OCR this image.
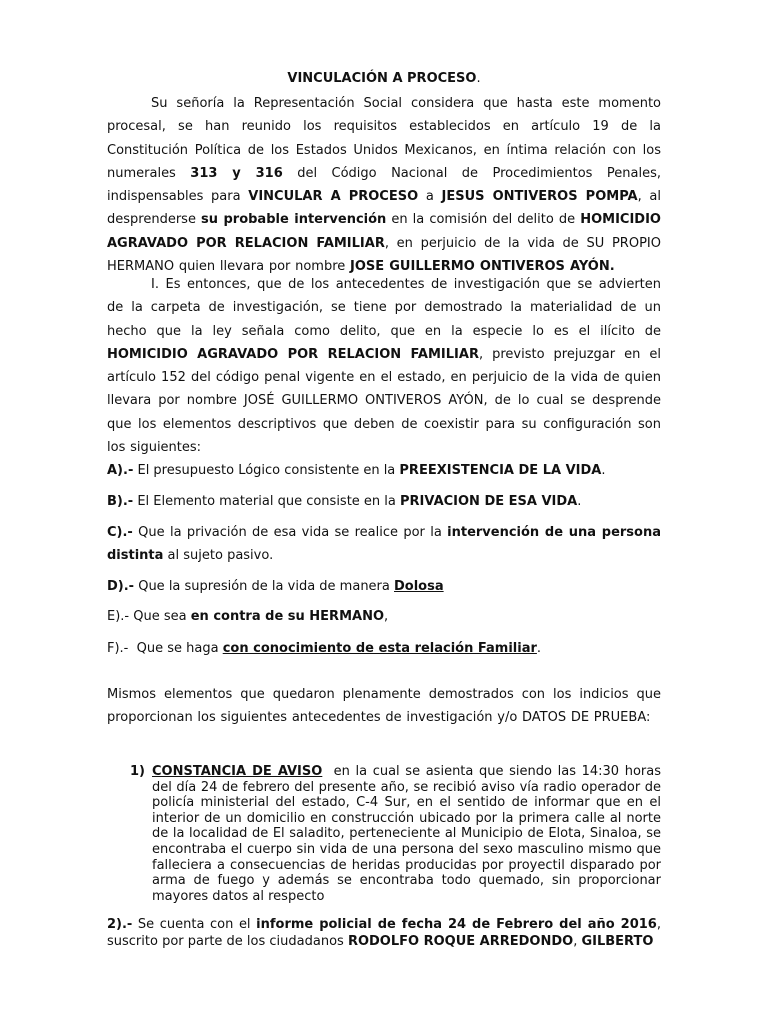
VINCULACIÓN A PROCESO.
Su señoría la Representación Social considera que hasta este momento procesal, se han reunido los requisitos establecidos en artículo 19 de la Constitución Política de los Estados Unidos Mexicanos, en íntima relación con los numerales 313 y 316 del Código Nacional de Procedimientos Penales, indispensables para VINCULAR A PROCESO a JESUS ONTIVEROS POMPA, al desprenderse su probable intervención en la comisión del delito de HOMICIDIO AGRAVADO POR RELACION FAMILIAR, en perjuicio de la vida de SU PROPIO HERMANO quien llevara por nombre JOSE GUILLERMO ONTIVEROS AYÓN.
I. Es entonces, que de los antecedentes de investigación que se advierten de la carpeta de investigación, se tiene por demostrado la materialidad de un hecho que la ley señala como delito, que en la especie lo es el ilícito de HOMICIDIO AGRAVADO POR RELACION FAMILIAR, previsto prejuzgar en el artículo 152 del código penal vigente en el estado, en perjuicio de la vida de quien llevara por nombre JOSÉ GUILLERMO ONTIVEROS AYÓN, de lo cual se desprende que los elementos descriptivos que deben de coexistir para su configuración son los siguientes:
A).- El presupuesto Lógico consistente en la PREEXISTENCIA DE LA VIDA.
B).- El Elemento material que consiste en la PRIVACION DE ESA VIDA.
C).- Que la privación de esa vida se realice por la intervención de una persona distinta al sujeto pasivo.
D).- Que la supresión de la vida de manera Dolosa
E).- Que sea en contra de su HERMANO,
F).-  Que se haga con conocimiento de esta relación Familiar.
Mismos elementos que quedaron plenamente demostrados con los indicios que proporcionan los siguientes antecedentes de investigación y/o DATOS DE PRUEBA:
1) CONSTANCIA DE AVISO  en la cual se asienta que siendo las 14:30 horas del día 24 de febrero del presente año, se recibió aviso vía radio operador de policía ministerial del estado, C-4 Sur, en el sentido de informar que en el interior de un domicilio en construcción ubicado por la primera calle al norte de la localidad de El saladito, perteneciente al Municipio de Elota, Sinaloa, se encontraba el cuerpo sin vida de una persona del sexo masculino mismo que falleciera a consecuencias de heridas producidas por proyectil disparado por arma de fuego y además se encontraba todo quemado, sin proporcionar mayores datos al respecto
2).- Se cuenta con el informe policial de fecha 24 de Febrero del año 2016, suscrito por parte de los ciudadanos RODOLFO ROQUE ARREDONDO, GILBERTO
